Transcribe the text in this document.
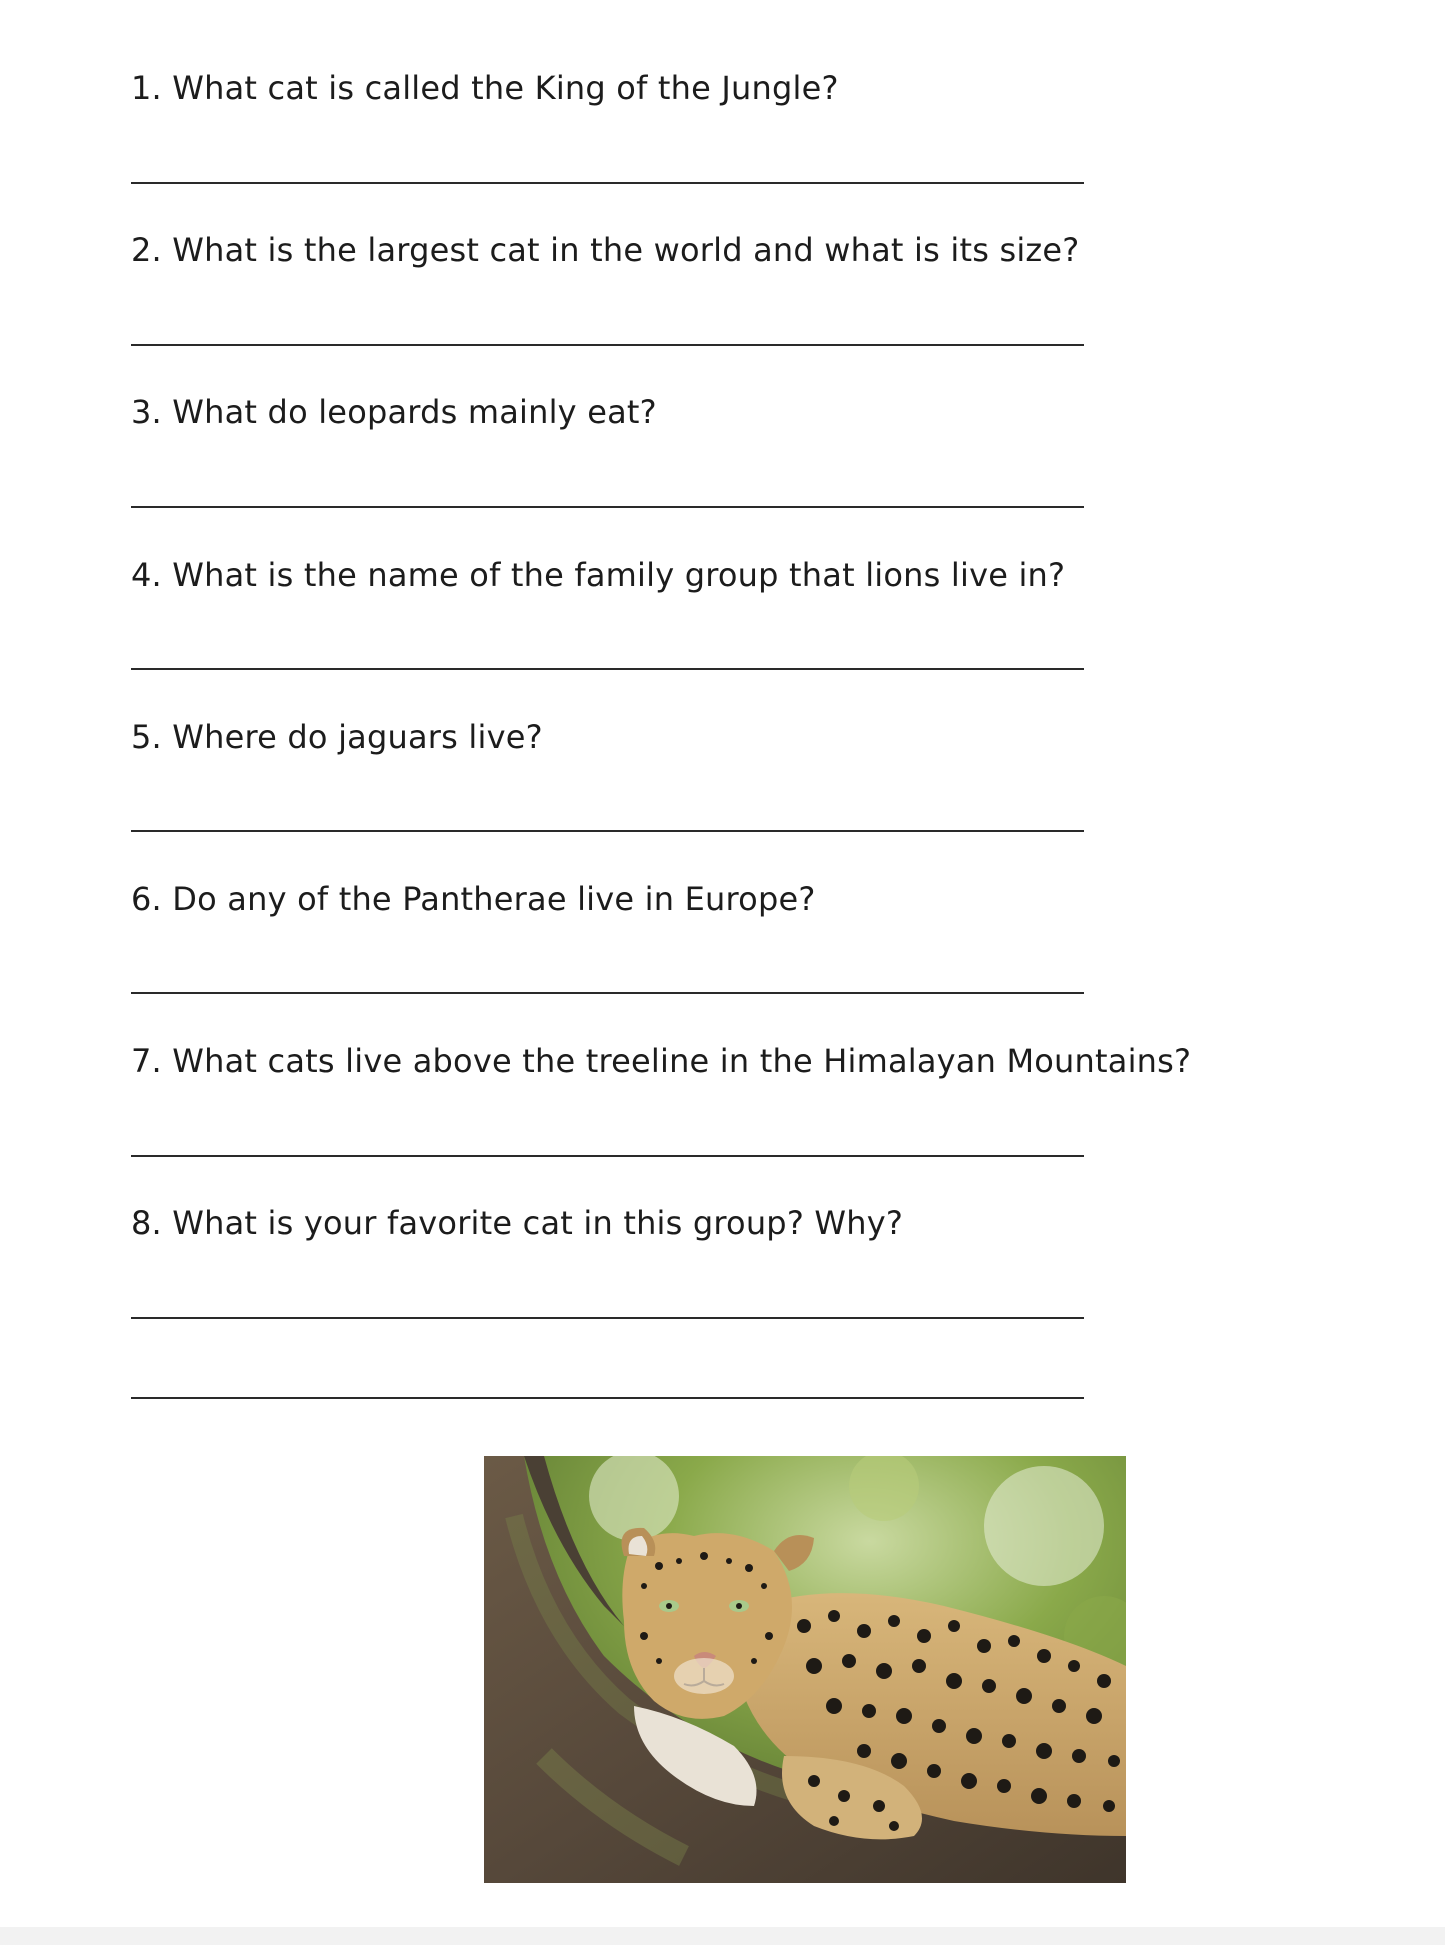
1. What cat is called the King of the Jungle?
2. What is the largest cat in the world and what is its size?
3. What do leopards mainly eat?
4. What is the name of the family group that lions live in?
5. Where do jaguars live?
6. Do any of the Pantherae live in Europe?
7. What cats live above the treeline in the Himalayan Mountains?
8. What is your favorite cat in this group? Why?
